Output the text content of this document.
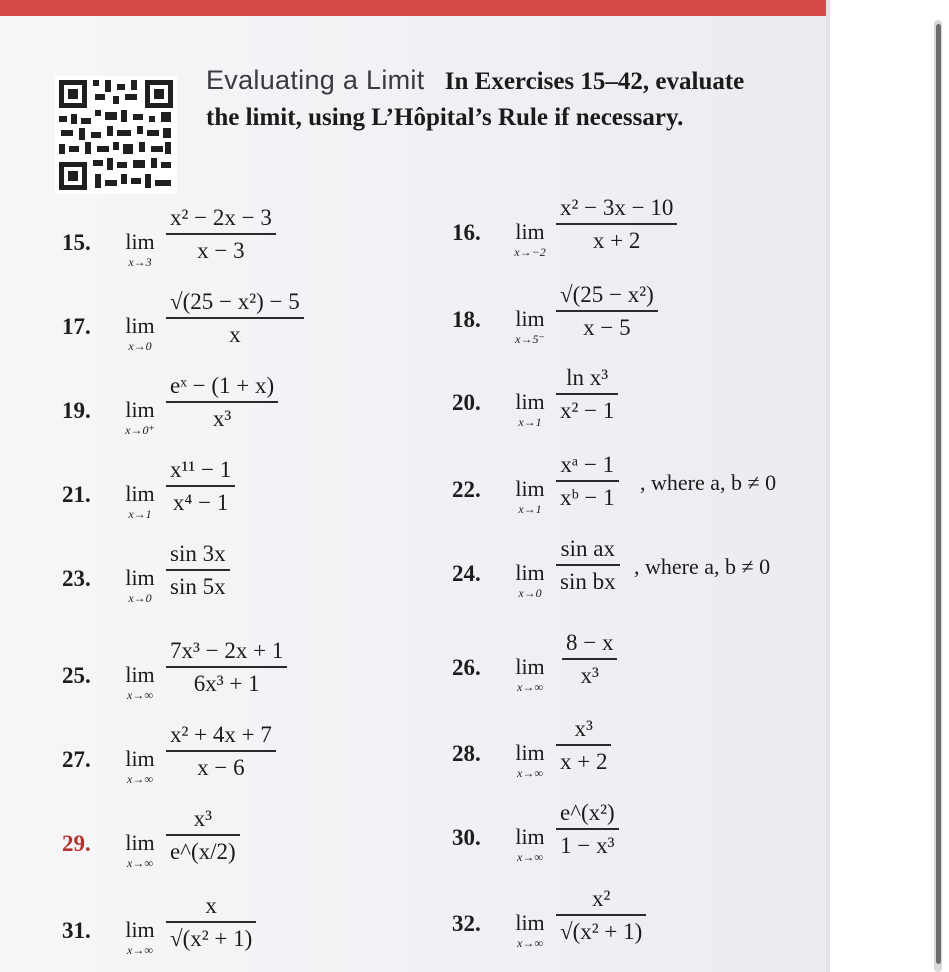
Evaluating a Limit In Exercises 15–42, evaluate
the limit, using L’Hôpital’s Rule if necessary.
15.	lim
x→3
x² − 2x − 3
x − 3
17.	lim
x→0
√(25 − x²) − 5
x
19.	lim
x→0⁺
eˣ − (1 + x)
x³
21.	lim
x→1
x¹¹ − 1
x⁴ − 1
23.	lim
x→0
sin 3x
sin 5x
25.	lim
x→∞
7x³ − 2x + 1
6x³ + 1
27.	lim
x→∞
x² + 4x + 7
x − 6
29.	lim
x→∞
x³
e^(x/2)
31.	lim
x→∞
x
√(x² + 1)
16.	lim
x→−2
x² − 3x − 10
x + 2
18.	lim
x→5⁻
√(25 − x²)
x − 5
20.	lim
x→1
ln x³
x² − 1
22.	lim
x→1
xᵃ − 1
xᵇ − 1
, where a, b ≠ 0
24.	lim
x→0
sin ax
sin bx
, where a, b ≠ 0
26.	lim
x→∞
8 − x
x³
28.	lim
x→∞
x³
x + 2
30.	lim
x→∞
e^(x²)
1 − x³
32.	lim
x→∞
x²
√(x² + 1)
